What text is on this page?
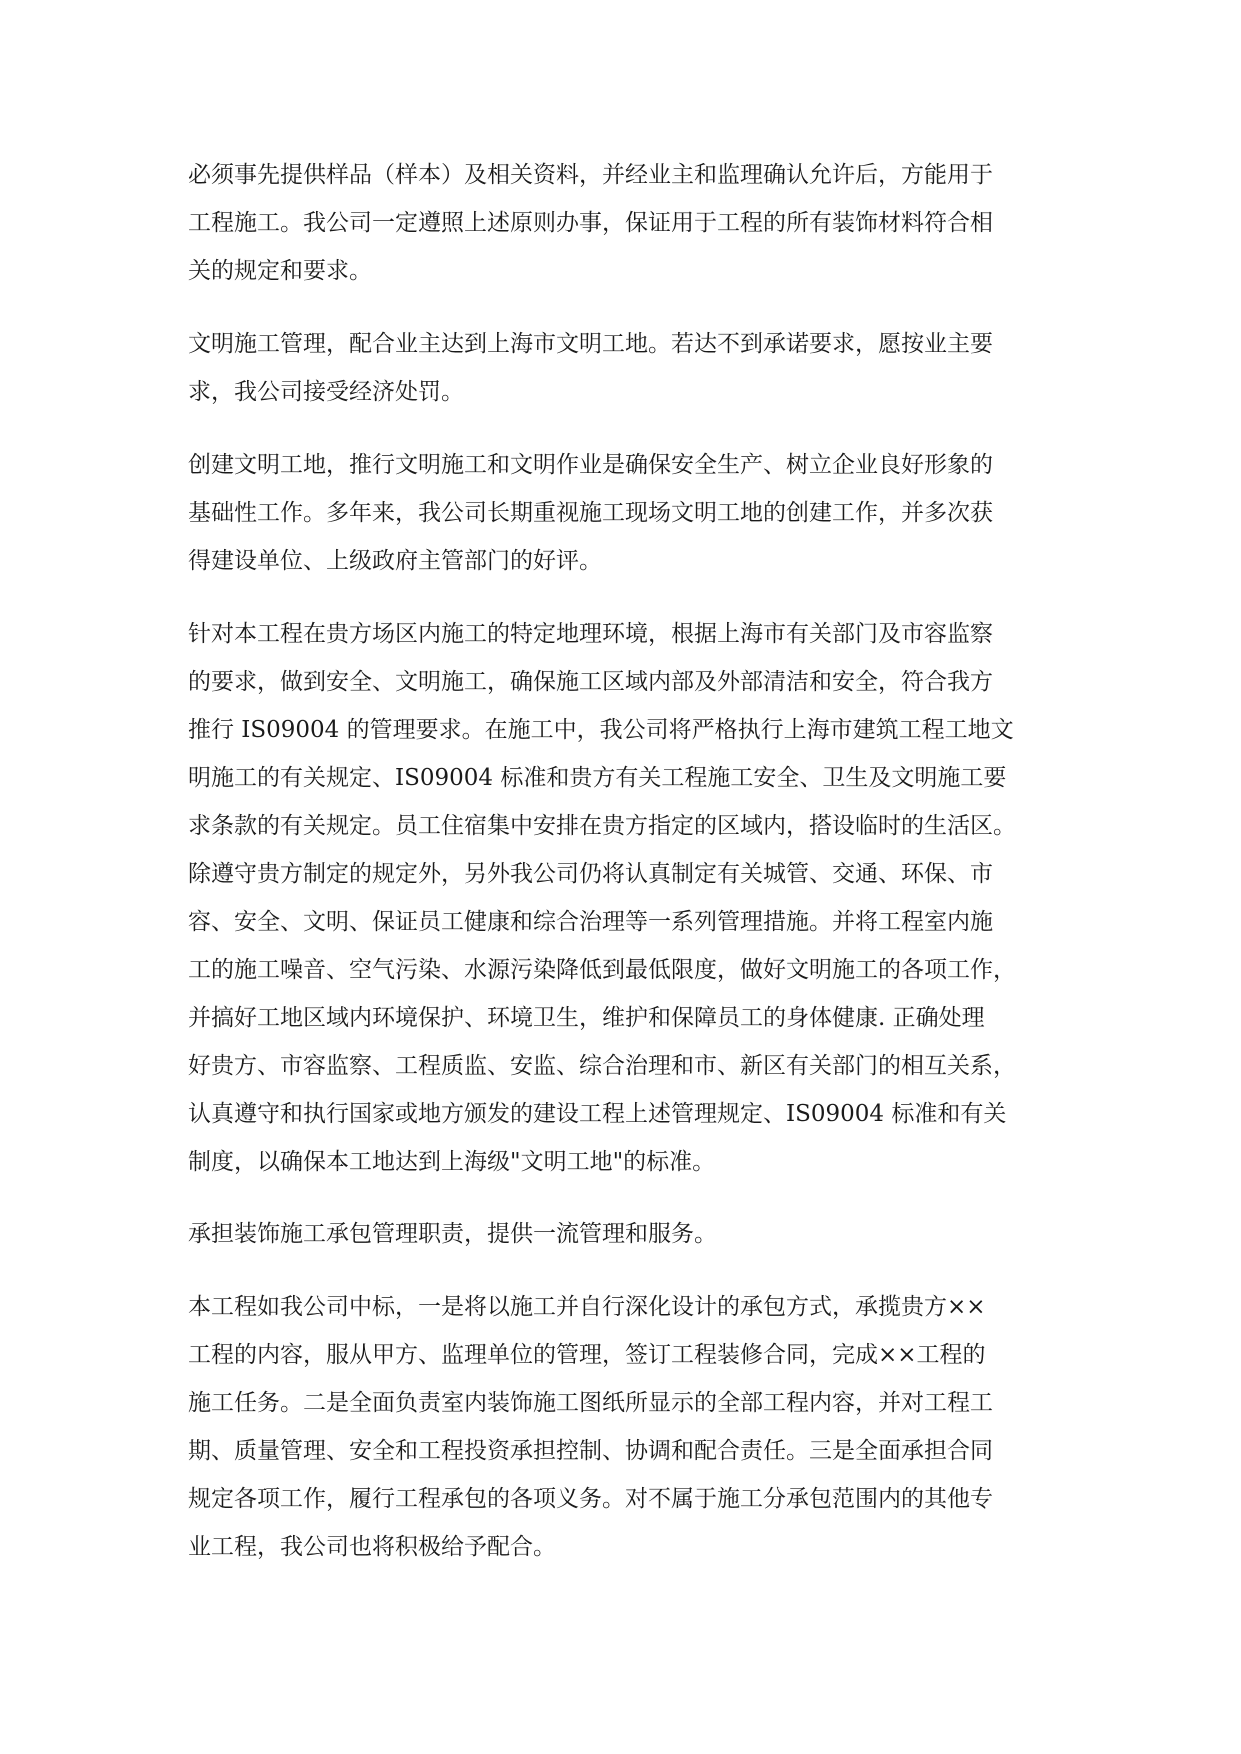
必须事先提供样品（样本）及相关资料，并经业主和监理确认允许后，方能用于
工程施工。我公司一定遵照上述原则办事，保证用于工程的所有装饰材料符合相
关的规定和要求。
文明施工管理，配合业主达到上海市文明工地。若达不到承诺要求，愿按业主要
求，我公司接受经济处罚。
创建文明工地，推行文明施工和文明作业是确保安全生产、树立企业良好形象的
基础性工作。多年来，我公司长期重视施工现场文明工地的创建工作，并多次获
得建设单位、上级政府主管部门的好评。
针对本工程在贵方场区内施工的特定地理环境，根据上海市有关部门及市容监察
的要求，做到安全、文明施工，确保施工区域内部及外部清洁和安全，符合我方
推行 IS09004 的管理要求。在施工中，我公司将严格执行上海市建筑工程工地文
明施工的有关规定、IS09004 标准和贵方有关工程施工安全、卫生及文明施工要
求条款的有关规定。员工住宿集中安排在贵方指定的区域内，搭设临时的生活区。
除遵守贵方制定的规定外，另外我公司仍将认真制定有关城管、交通、环保、市
容、安全、文明、保证员工健康和综合治理等一系列管理措施。并将工程室内施
工的施工噪音、空气污染、水源污染降低到最低限度，做好文明施工的各项工作，
并搞好工地区域内环境保护、环境卫生，维护和保障员工的身体健康. 正确处理
好贵方、市容监察、工程质监、安监、综合治理和市、新区有关部门的相互关系，
认真遵守和执行国家或地方颁发的建设工程上述管理规定、IS09004 标准和有关
制度，以确保本工地达到上海级"文明工地"的标准。
承担装饰施工承包管理职责，提供一流管理和服务。
本工程如我公司中标，一是将以施工并自行深化设计的承包方式，承揽贵方××
工程的内容，服从甲方、监理单位的管理，签订工程装修合同，完成××工程的
施工任务。二是全面负责室内装饰施工图纸所显示的全部工程内容，并对工程工
期、质量管理、安全和工程投资承担控制、协调和配合责任。三是全面承担合同
规定各项工作，履行工程承包的各项义务。对不属于施工分承包范围内的其他专
业工程，我公司也将积极给予配合。
